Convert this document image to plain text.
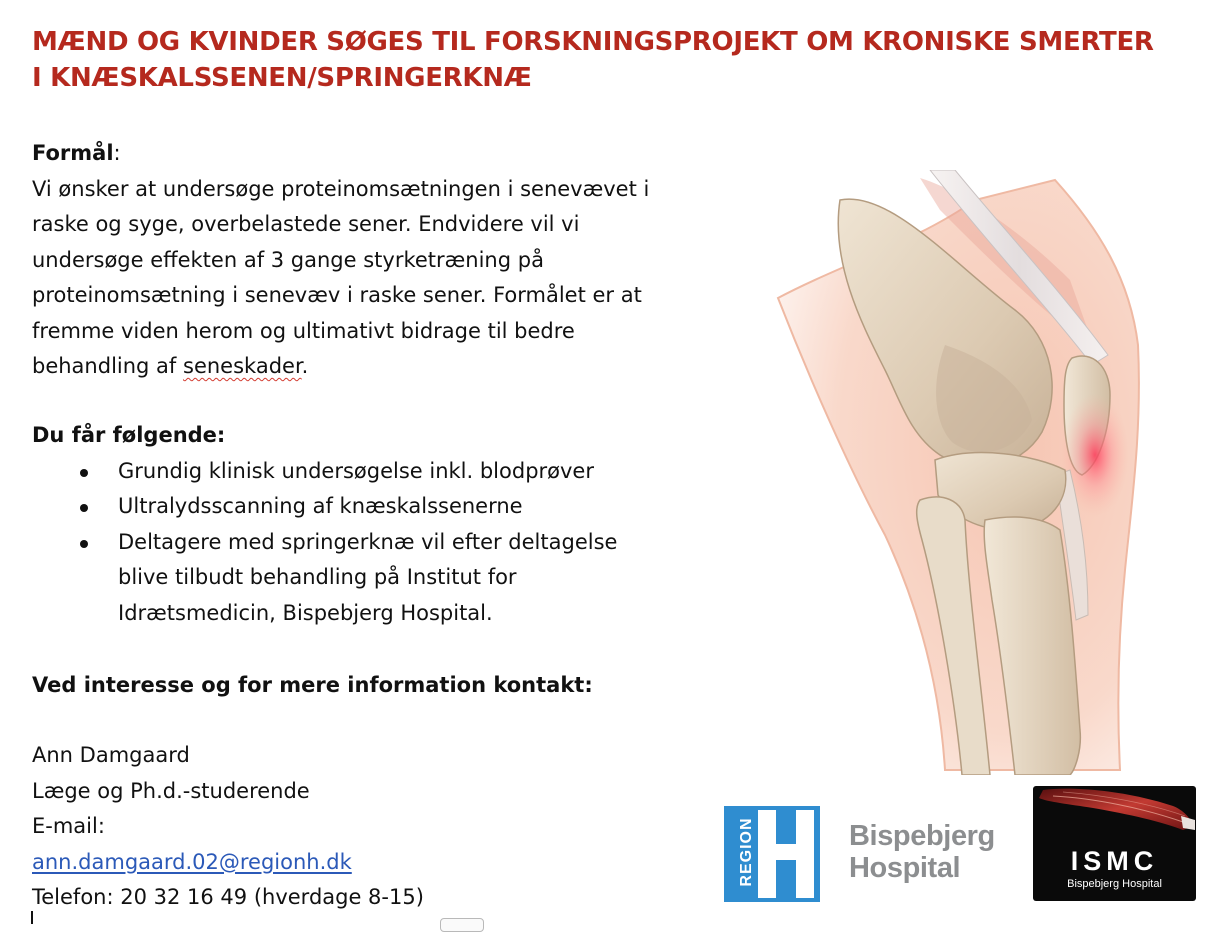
MÆND OG KVINDER SØGES TIL FORSKNINGSPROJEKT OM KRONISKE SMERTER
I KNÆSKALSSENEN/SPRINGERKNÆ
Formål:
Vi ønsker at undersøge proteinomsætningen i senevævet i
raske og syge, overbelastede sener. Endvidere vil vi
undersøge effekten af 3 gange styrketræning på
proteinomsætning i senevæv i raske sener. Formålet er at
fremme viden herom og ultimativt bidrage til bedre
behandling af seneskader.
Du får følgende:
Grundig klinisk undersøgelse inkl. blodprøver
Ultralydsscanning af knæskalssenerne
Deltagere med springerknæ vil efter deltagelse
blive tilbudt behandling på Institut for
Idrætsmedicin, Bispebjerg Hospital.
Ved interesse og for mere information kontakt:
Ann Damgaard
Læge og Ph.d.-studerende
E-mail:
ann.damgaard.02@regionh.dk
Telefon: 20 32 16 49 (hverdage 8-15)
REGION	Bispebjerg
Hospital	ISMC
Bispebjerg Hospital
